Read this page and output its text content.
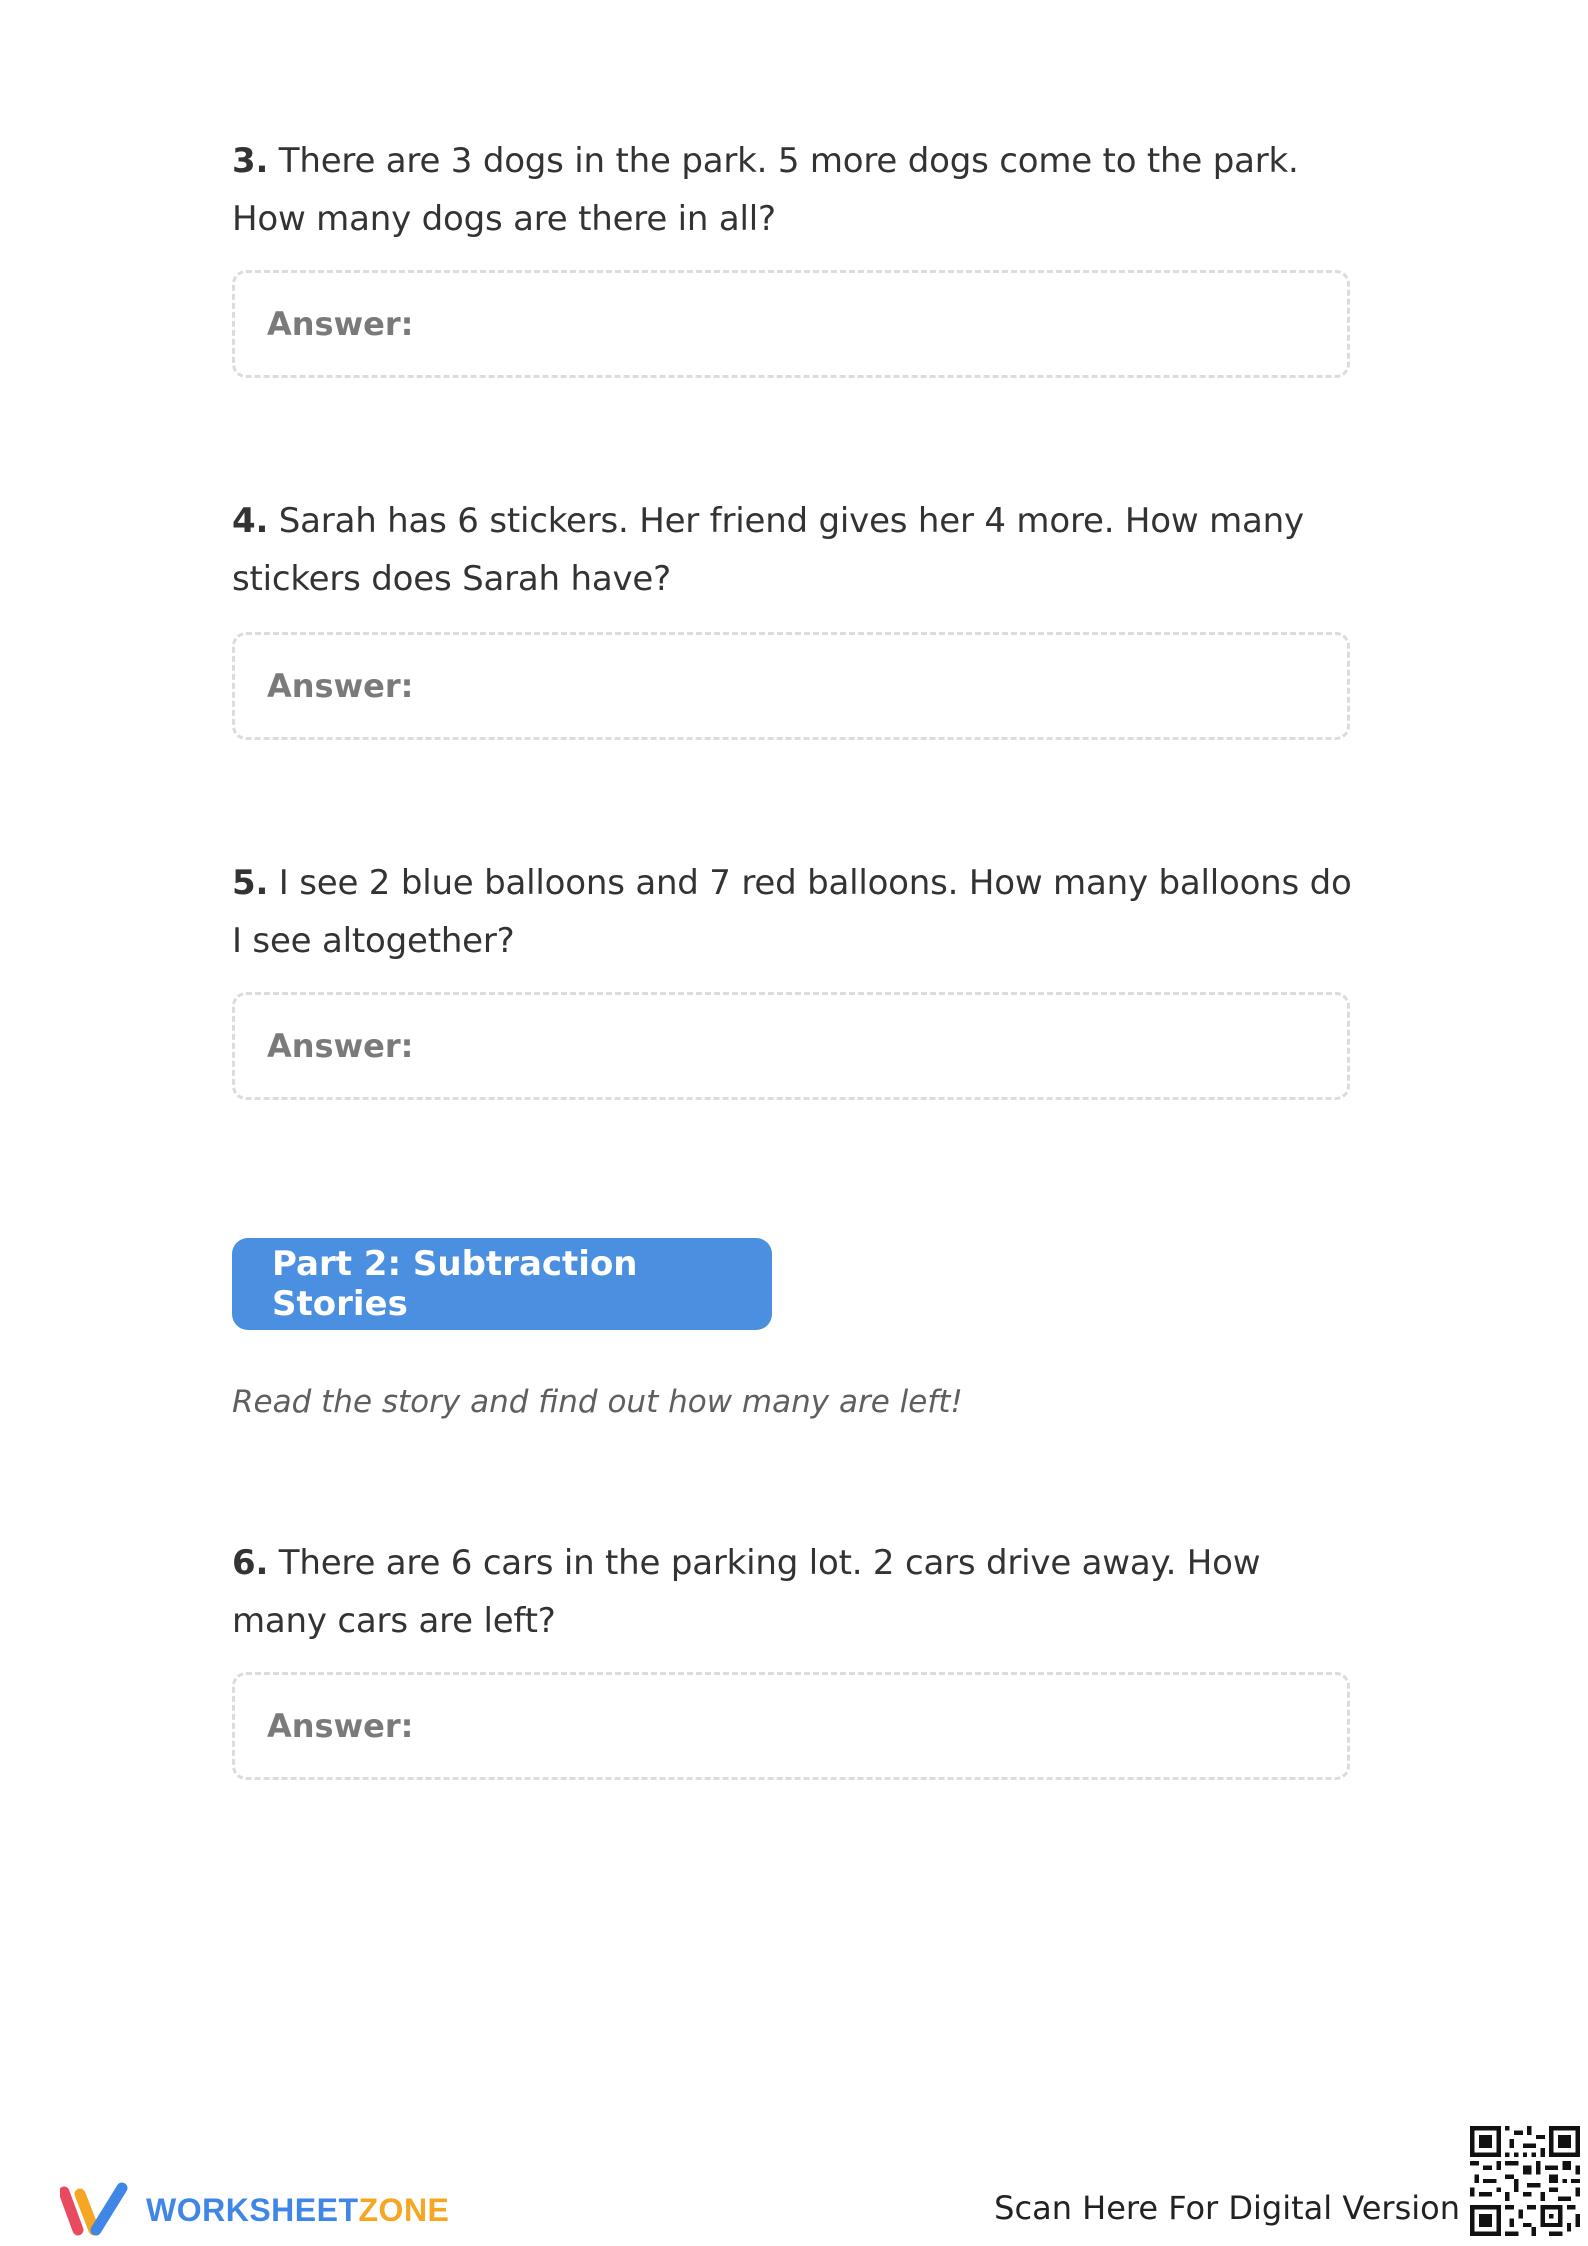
3. There are 3 dogs in the park. 5 more dogs come to the park. How many dogs are there in all?
Answer:
4. Sarah has 6 stickers. Her friend gives her 4 more. How many stickers does Sarah have?
Answer:
5. I see 2 blue balloons and 7 red balloons. How many balloons do I see altogether?
Answer:
Part 2: Subtraction Stories
Read the story and find out how many are left!
6. There are 6 cars in the parking lot. 2 cars drive away. How many cars are left?
Answer:
WORKSHEETZONE	Scan Here For Digital Version
